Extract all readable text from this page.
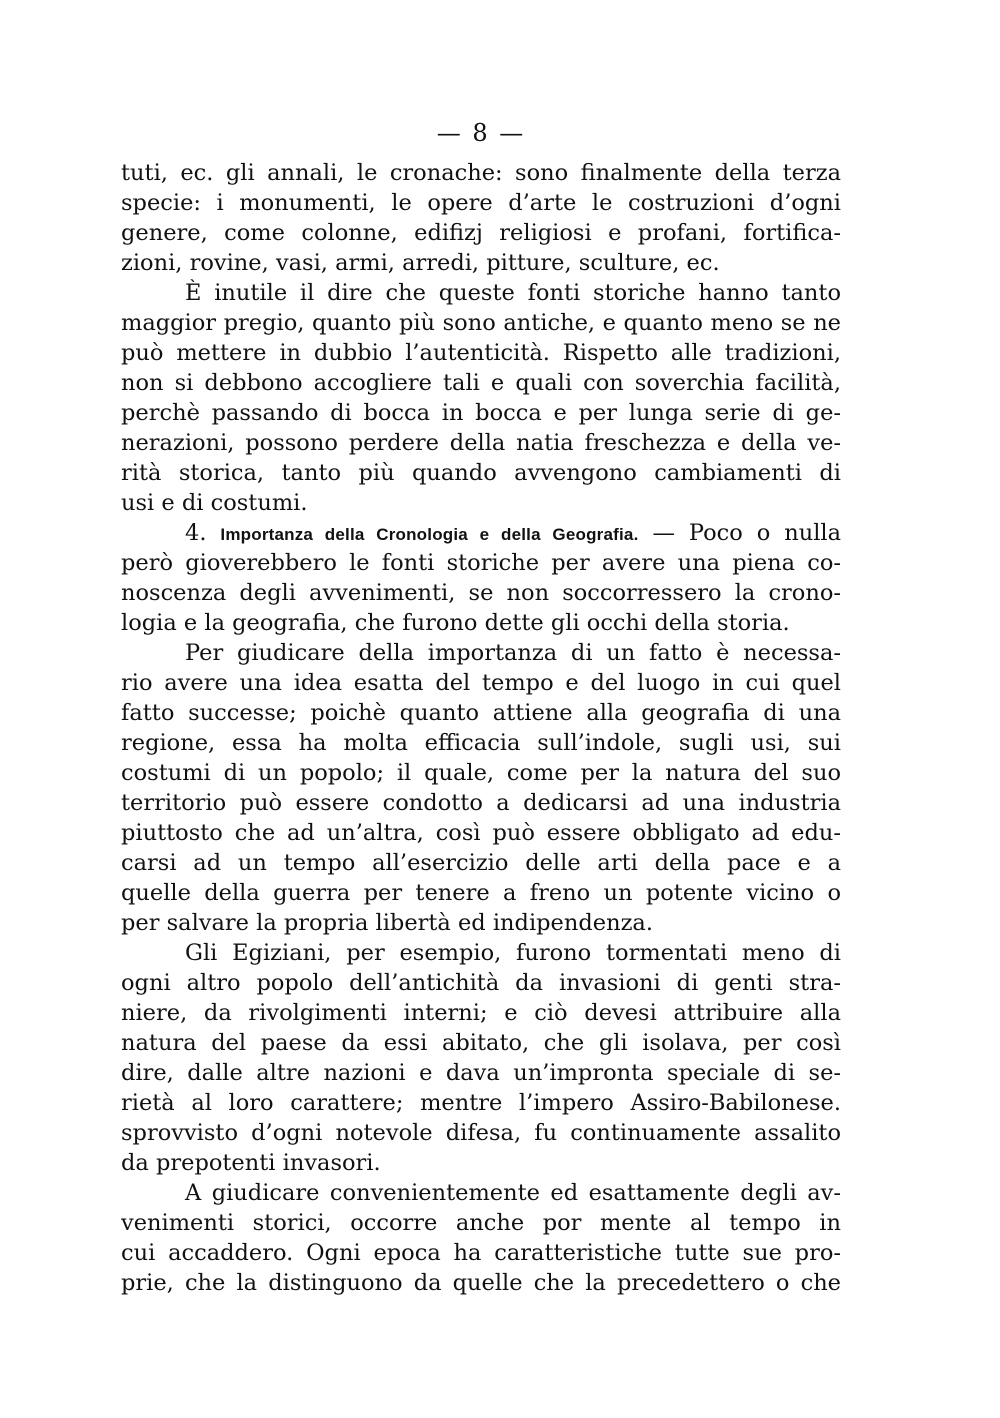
— 8 —
tuti, ec. gli annali, le cronache: sono finalmente della terza
specie: i monumenti, le opere d’arte le costruzioni d’ogni
genere, come colonne, edifizj religiosi e profani, fortifica-
zioni, rovine, vasi, armi, arredi, pitture, sculture, ec.
È inutile il dire che queste fonti storiche hanno tanto
maggior pregio, quanto più sono antiche, e quanto meno se ne
può mettere in dubbio l’autenticità. Rispetto alle tradizioni,
non si debbono accogliere tali e quali con soverchia facilità,
perchè passando di bocca in bocca e per lunga serie di ge-
nerazioni, possono perdere della natia freschezza e della ve-
rità storica, tanto più quando avvengono cambiamenti di
usi e di costumi.
4. Importanza della Cronologia e della Geografia. — Poco o nulla
però gioverebbero le fonti storiche per avere una piena co-
noscenza degli avvenimenti, se non soccorressero la crono-
logia e la geografia, che furono dette gli occhi della storia.
Per giudicare della importanza di un fatto è necessa-
rio avere una idea esatta del tempo e del luogo in cui quel
fatto successe; poichè quanto attiene alla geografia di una
regione, essa ha molta efficacia sull’indole, sugli usi, sui
costumi di un popolo; il quale, come per la natura del suo
territorio può essere condotto a dedicarsi ad una industria
piuttosto che ad un’altra, così può essere obbligato ad edu-
carsi ad un tempo all’esercizio delle arti della pace e a
quelle della guerra per tenere a freno un potente vicino o
per salvare la propria libertà ed indipendenza.
Gli Egiziani, per esempio, furono tormentati meno di
ogni altro popolo dell’antichità da invasioni di genti stra-
niere, da rivolgimenti interni; e ciò devesi attribuire alla
natura del paese da essi abitato, che gli isolava, per così
dire, dalle altre nazioni e dava un’impronta speciale di se-
rietà al loro carattere; mentre l’impero Assiro-Babilonese.
sprovvisto d’ogni notevole difesa, fu continuamente assalito
da prepotenti invasori.
A giudicare convenientemente ed esattamente degli av-
venimenti storici, occorre anche por mente al tempo in
cui accaddero. Ogni epoca ha caratteristiche tutte sue pro-
prie, che la distinguono da quelle che la precedettero o che
